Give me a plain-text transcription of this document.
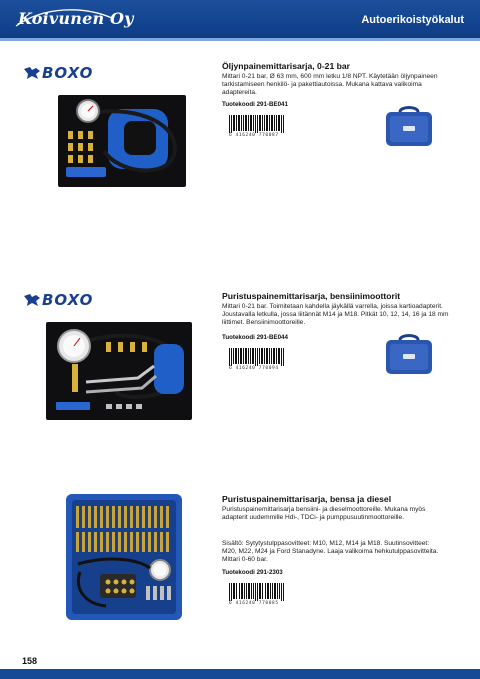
Koivunen Oy	Autoerikoistyökalut
BOXO	Öljynpainemittarisarja, 0-21 bar
Mittari 0-21 bar, Ø 63 mm, 600 mm letku 1/8 NPT. Käytetään öljynpaineen tarkistamiseen henkilö- ja pakettiautoissa. Mukana kattava valikoima adaptereita.
Tuotekoodi 291-BE041
6 416240 770087
BOXO	Puristuspainemittarisarja, bensiinimoottorit
Mittari 0-21 bar. Toimitetaan kahdella jäykällä varrella, joissa kartioadapterit. Joustavalla letkulla, jossa liitännät M14 ja M18. Pitkät 10, 12, 14, 16 ja 18 mm liittimet. Bensiinimoottoreille.
Tuotekoodi 291-BE044
6 416240 770094
Puristuspainemittarisarja, bensa ja diesel
Puristuspainemittarisarja bensiini- ja dieselmoottoreille. Mukana myös adapterit uudemmille Hdi-, TDCi- ja pumppusuutinmoottoreille.
Sisältö: Sytytystulppasovitteet: M10, M12, M14 ja M18. Suutinsovitteet: M20, M22, M24 ja Ford Stanadyne. Laaja valikoima hehkutulppasovitteita. Mittari 0-60 bar.
Tuotekoodi 291-2303
6 416240 770085
158
